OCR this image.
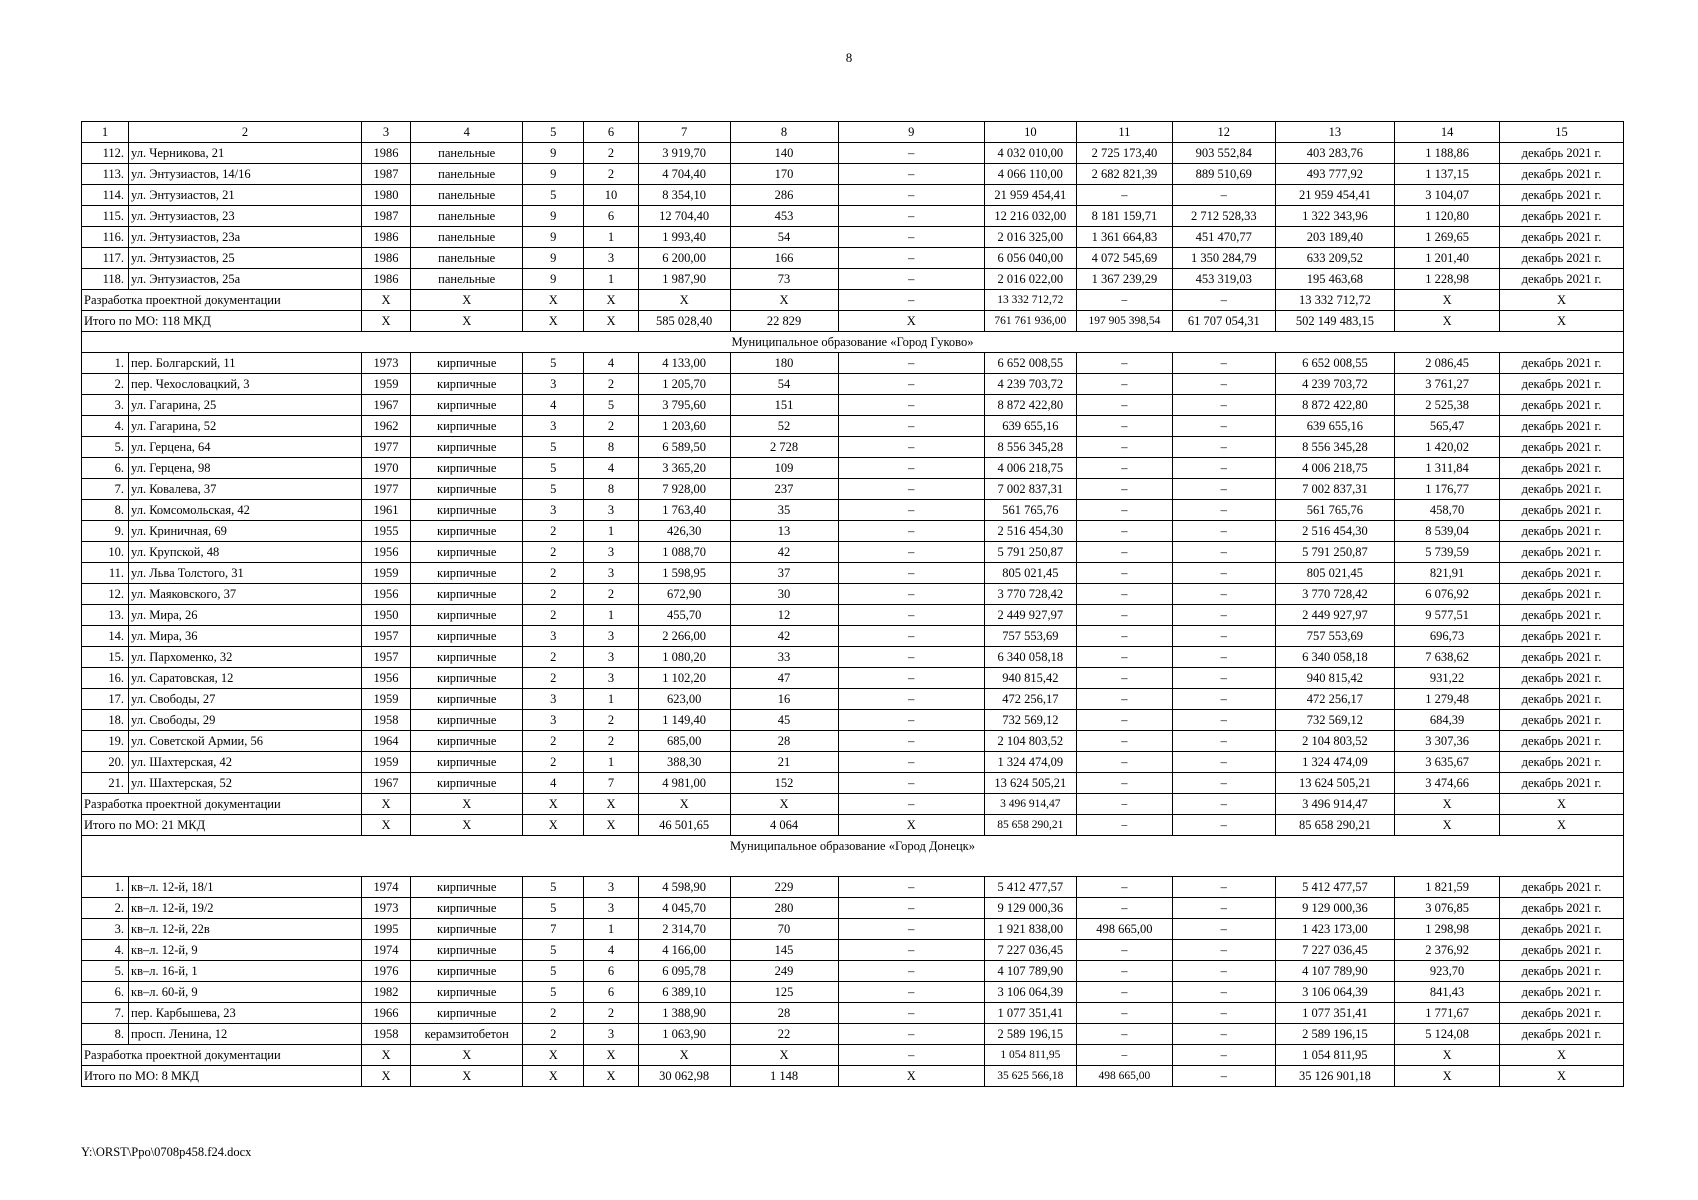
8
1	2	3	4	5	6	7	8	9	10	11	12	13	14	15
112.	ул. Черникова, 21	1986	панельные	9	2	3 919,70	140	–	4 032 010,00	2 725 173,40	903 552,84	403 283,76	1 188,86	декабрь 2021 г.
113.	ул. Энтузиастов, 14/16	1987	панельные	9	2	4 704,40	170	–	4 066 110,00	2 682 821,39	889 510,69	493 777,92	1 137,15	декабрь 2021 г.
114.	ул. Энтузиастов, 21	1980	панельные	5	10	8 354,10	286	–	21 959 454,41	–	–	21 959 454,41	3 104,07	декабрь 2021 г.
115.	ул. Энтузиастов, 23	1987	панельные	9	6	12 704,40	453	–	12 216 032,00	8 181 159,71	2 712 528,33	1 322 343,96	1 120,80	декабрь 2021 г.
116.	ул. Энтузиастов, 23а	1986	панельные	9	1	1 993,40	54	–	2 016 325,00	1 361 664,83	451 470,77	203 189,40	1 269,65	декабрь 2021 г.
117.	ул. Энтузиастов, 25	1986	панельные	9	3	6 200,00	166	–	6 056 040,00	4 072 545,69	1 350 284,79	633 209,52	1 201,40	декабрь 2021 г.
118.	ул. Энтузиастов, 25а	1986	панельные	9	1	1 987,90	73	–	2 016 022,00	1 367 239,29	453 319,03	195 463,68	1 228,98	декабрь 2021 г.
Разработка проектной документации		X	X	X	X	X	X	–	13 332 712,72	–	–	13 332 712,72	X	X
Итого по МО: 118 МКД		X	X	X	X	585 028,40	22 829	X	761 761 936,00	197 905 398,54	61 707 054,31	502 149 483,15	X	X
Муниципальное образование «Город Гуково»														
1.	пер. Болгарский, 11	1973	кирпичные	5	4	4 133,00	180	–	6 652 008,55	–	–	6 652 008,55	2 086,45	декабрь 2021 г.
2.	пер. Чехословацкий, 3	1959	кирпичные	3	2	1 205,70	54	–	4 239 703,72	–	–	4 239 703,72	3 761,27	декабрь 2021 г.
3.	ул. Гагарина, 25	1967	кирпичные	4	5	3 795,60	151	–	8 872 422,80	–	–	8 872 422,80	2 525,38	декабрь 2021 г.
4.	ул. Гагарина, 52	1962	кирпичные	3	2	1 203,60	52	–	639 655,16	–	–	639 655,16	565,47	декабрь 2021 г.
5.	ул. Герцена, 64	1977	кирпичные	5	8	6 589,50	2 728	–	8 556 345,28	–	–	8 556 345,28	1 420,02	декабрь 2021 г.
6.	ул. Герцена, 98	1970	кирпичные	5	4	3 365,20	109	–	4 006 218,75	–	–	4 006 218,75	1 311,84	декабрь 2021 г.
7.	ул. Ковалева, 37	1977	кирпичные	5	8	7 928,00	237	–	7 002 837,31	–	–	7 002 837,31	1 176,77	декабрь 2021 г.
8.	ул. Комсомольская, 42	1961	кирпичные	3	3	1 763,40	35	–	561 765,76	–	–	561 765,76	458,70	декабрь 2021 г.
9.	ул. Криничная, 69	1955	кирпичные	2	1	426,30	13	–	2 516 454,30	–	–	2 516 454,30	8 539,04	декабрь 2021 г.
10.	ул. Крупской, 48	1956	кирпичные	2	3	1 088,70	42	–	5 791 250,87	–	–	5 791 250,87	5 739,59	декабрь 2021 г.
11.	ул. Льва Толстого, 31	1959	кирпичные	2	3	1 598,95	37	–	805 021,45	–	–	805 021,45	821,91	декабрь 2021 г.
12.	ул. Маяковского, 37	1956	кирпичные	2	2	672,90	30	–	3 770 728,42	–	–	3 770 728,42	6 076,92	декабрь 2021 г.
13.	ул. Мира, 26	1950	кирпичные	2	1	455,70	12	–	2 449 927,97	–	–	2 449 927,97	9 577,51	декабрь 2021 г.
14.	ул. Мира, 36	1957	кирпичные	3	3	2 266,00	42	–	757 553,69	–	–	757 553,69	696,73	декабрь 2021 г.
15.	ул. Пархоменко, 32	1957	кирпичные	2	3	1 080,20	33	–	6 340 058,18	–	–	6 340 058,18	7 638,62	декабрь 2021 г.
16.	ул. Саратовская, 12	1956	кирпичные	2	3	1 102,20	47	–	940 815,42	–	–	940 815,42	931,22	декабрь 2021 г.
17.	ул. Свободы, 27	1959	кирпичные	3	1	623,00	16	–	472 256,17	–	–	472 256,17	1 279,48	декабрь 2021 г.
18.	ул. Свободы, 29	1958	кирпичные	3	2	1 149,40	45	–	732 569,12	–	–	732 569,12	684,39	декабрь 2021 г.
19.	ул. Советской Армии, 56	1964	кирпичные	2	2	685,00	28	–	2 104 803,52	–	–	2 104 803,52	3 307,36	декабрь 2021 г.
20.	ул. Шахтерская, 42	1959	кирпичные	2	1	388,30	21	–	1 324 474,09	–	–	1 324 474,09	3 635,67	декабрь 2021 г.
21.	ул. Шахтерская, 52	1967	кирпичные	4	7	4 981,00	152	–	13 624 505,21	–	–	13 624 505,21	3 474,66	декабрь 2021 г.
Разработка проектной документации		X	X	X	X	X	X	–	3 496 914,47	–	–	3 496 914,47	X	X
Итого по МО: 21 МКД		X	X	X	X	46 501,65	4 064	X	85 658 290,21	–	–	85 658 290,21	X	X
Муниципальное образование «Город Донецк»														
1.	кв–л. 12-й, 18/1	1974	кирпичные	5	3	4 598,90	229	–	5 412 477,57	–	–	5 412 477,57	1 821,59	декабрь 2021 г.
2.	кв–л. 12-й, 19/2	1973	кирпичные	5	3	4 045,70	280	–	9 129 000,36	–	–	9 129 000,36	3 076,85	декабрь 2021 г.
3.	кв–л. 12-й, 22в	1995	кирпичные	7	1	2 314,70	70	–	1 921 838,00	498 665,00	–	1 423 173,00	1 298,98	декабрь 2021 г.
4.	кв–л. 12-й, 9	1974	кирпичные	5	4	4 166,00	145	–	7 227 036,45	–	–	7 227 036,45	2 376,92	декабрь 2021 г.
5.	кв–л. 16-й, 1	1976	кирпичные	5	6	6 095,78	249	–	4 107 789,90	–	–	4 107 789,90	923,70	декабрь 2021 г.
6.	кв–л. 60-й, 9	1982	кирпичные	5	6	6 389,10	125	–	3 106 064,39	–	–	3 106 064,39	841,43	декабрь 2021 г.
7.	пер. Карбышева, 23	1966	кирпичные	2	2	1 388,90	28	–	1 077 351,41	–	–	1 077 351,41	1 771,67	декабрь 2021 г.
8.	просп. Ленина, 12	1958	керамзитобетон	2	3	1 063,90	22	–	2 589 196,15	–	–	2 589 196,15	5 124,08	декабрь 2021 г.
Разработка проектной документации		X	X	X	X	X	X	–	1 054 811,95	–	–	1 054 811,95	X	X
Итого по МО: 8 МКД		X	X	X	X	30 062,98	1 148	X	35 625 566,18	498 665,00	–	35 126 901,18	X	X
Y:\ORST\Ppo\0708p458.f24.docx
